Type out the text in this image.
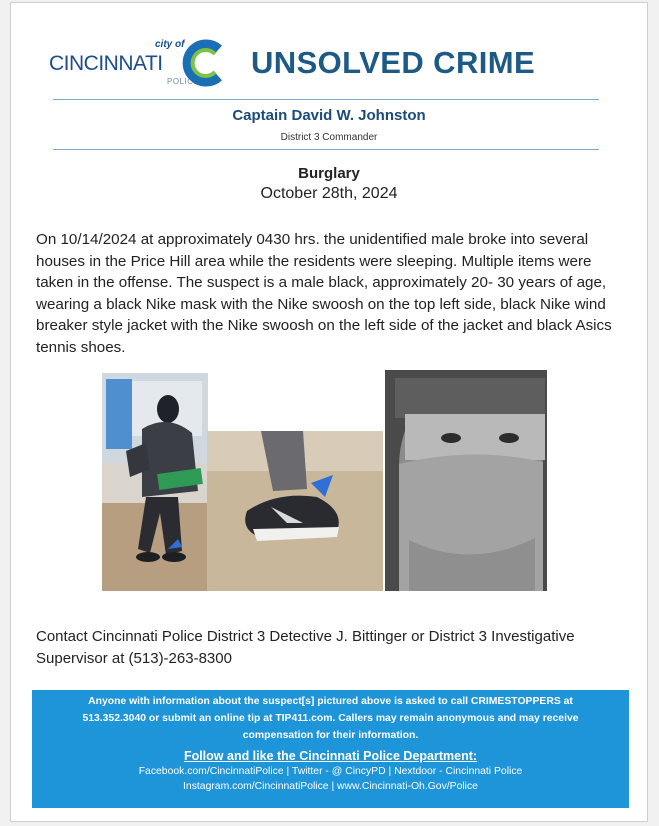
city of
CINCINNATI
POLICE
UNSOLVED CRIME
Captain David W. Johnston
District 3 Commander
Burglary
October 28th, 2024

On 10/14/2024 at approximately 0430 hrs. the unidentified male broke into several houses in the Price Hill area while the residents were sleeping. Multiple items were taken in the offense. The suspect is a male black, approximately 20- 30 years of age, wearing a black Nike mask with the Nike swoosh on the top left side, black Nike wind breaker style jacket with the Nike swoosh on the left side of the jacket and black Asics tennis shoes.

Contact Cincinnati Police District 3 Detective J. Bittinger or District 3 Investigative Supervisor at (513)-263-8300

Anyone with information about the suspect[s] pictured above is asked to call CRIMESTOPPERS at 513.352.3040 or submit an online tip at TIP411.com. Callers may remain anonymous and may receive compensation for their information.
Follow and like the Cincinnati Police Department:
Facebook.com/CincinnatiPolice | Twitter - @ CincyPD | Nextdoor - Cincinnati Police
Instagram.com/CincinnatiPolice | www.Cincinnati-Oh.Gov/Police
